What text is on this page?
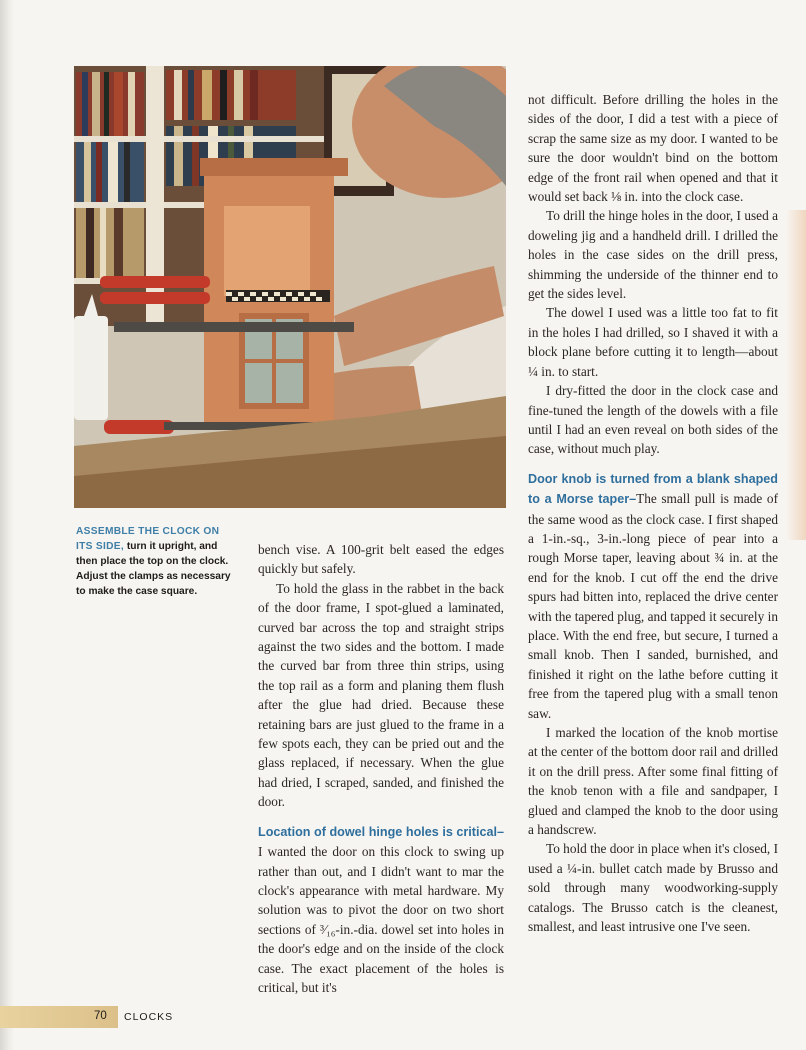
ASSEMBLE THE CLOCK ON ITS SIDE, turn it upright, and then place the top on the clock. Adjust the clamps as necessary to make the case square.

bench vise. A 100-grit belt eased the edges quickly but safely.

To hold the glass in the rabbet in the back of the door frame, I spot-glued a laminated, curved bar across the top and straight strips against the two sides and the bottom. I made the curved bar from three thin strips, using the top rail as a form and planing them flush after the glue had dried. Because these retaining bars are just glued to the frame in a few spots each, they can be pried out and the glass replaced, if necessary. When the glue had dried, I scraped, sanded, and finished the door.

Location of dowel hinge holes is critical–I wanted the door on this clock to swing up rather than out, and I didn't want to mar the clock's appearance with metal hardware. My solution was to pivot the door on two short sections of ³⁄₁₆-in.-dia. dowel set into holes in the door's edge and on the inside of the clock case. The exact placement of the holes is critical, but it's

not difficult. Before drilling the holes in the sides of the door, I did a test with a piece of scrap the same size as my door. I wanted to be sure the door wouldn't bind on the bottom edge of the front rail when opened and that it would set back ⅛ in. into the clock case.

To drill the hinge holes in the door, I used a doweling jig and a handheld drill. I drilled the holes in the case sides on the drill press, shimming the underside of the thinner end to get the sides level.

The dowel I used was a little too fat to fit in the holes I had drilled, so I shaved it with a block plane before cutting it to length—about ¼ in. to start.

I dry-fitted the door in the clock case and fine-tuned the length of the dowels with a file until I had an even reveal on both sides of the case, without much play.

Door knob is turned from a blank shaped to a Morse taper–The small pull is made of the same wood as the clock case. I first shaped a 1-in.-sq., 3-in.-long piece of pear into a rough Morse taper, leaving about ¾ in. at the end for the knob. I cut off the end the drive spurs had bitten into, replaced the drive center with the tapered plug, and tapped it securely in place. With the end free, but secure, I turned a small knob. Then I sanded, burnished, and finished it right on the lathe before cutting it free from the tapered plug with a small tenon saw.

I marked the location of the knob mortise at the center of the bottom door rail and drilled it on the drill press. After some final fitting of the knob tenon with a file and sandpaper, I glued and clamped the knob to the door using a handscrew.

To hold the door in place when it's closed, I used a ¼-in. bullet catch made by Brusso and sold through many woodworking-supply catalogs. The Brusso catch is the cleanest, smallest, and least intrusive one I've seen.

70 CLOCKS
